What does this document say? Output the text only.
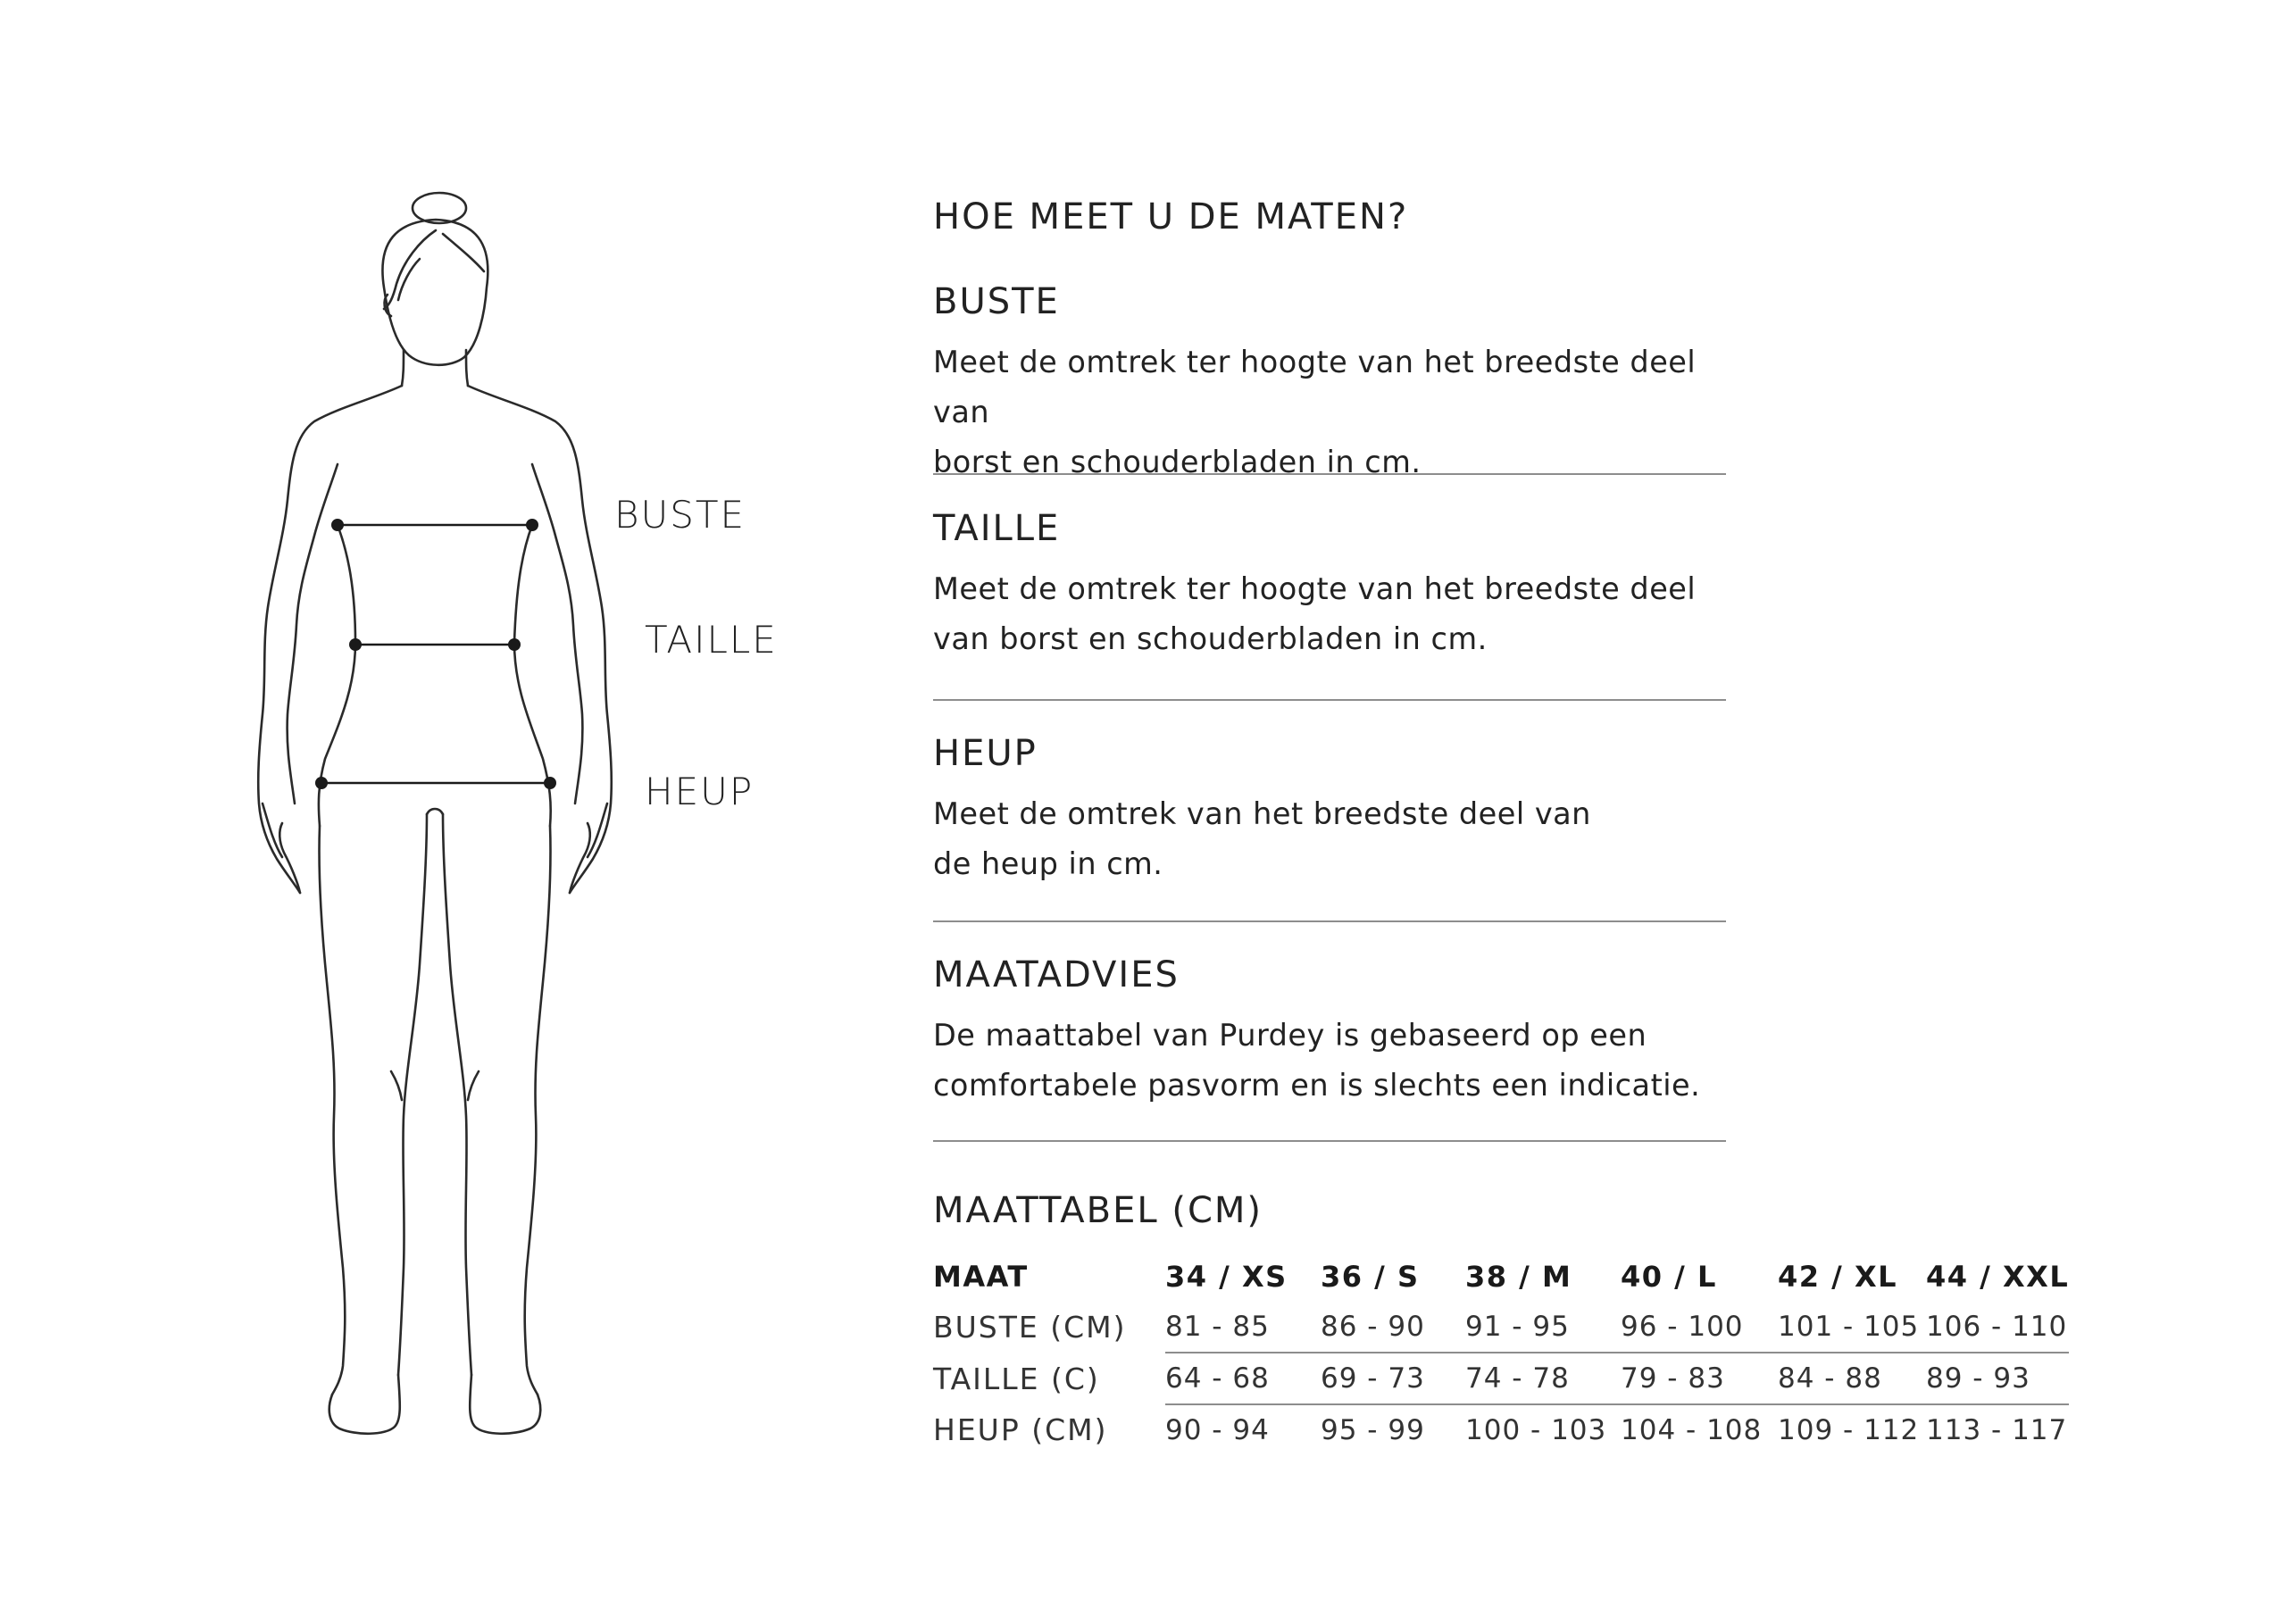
BUSTE
TAILLE
HEUP
HOE MEET U DE MATEN?
BUSTE
Meet de omtrek ter hoogte van het breedste deel van
borst en schouderbladen in cm.
TAILLE
Meet de omtrek ter hoogte van het breedste deel
van borst en schouderbladen in cm.
HEUP
Meet de omtrek van het breedste deel van
de heup in cm.
MAATADVIES
De maattabel van Purdey is gebaseerd op een
comfortabele pasvorm en is slechts een indicatie.
MAATTABEL (CM)
MAAT	34 / XS	36 / S	38 / M	40 / L	42 / XL	44 / XXL
BUSTE (CM)	81 - 85	86 - 90	91 - 95	96 - 100	101 - 105	106 - 110
TAILLE (C)	64 - 68	69 - 73	74 - 78	79 - 83	84 - 88	89 - 93
HEUP (CM)	90 - 94	95 - 99	100 - 103	104 - 108	109 - 112	113 - 117
